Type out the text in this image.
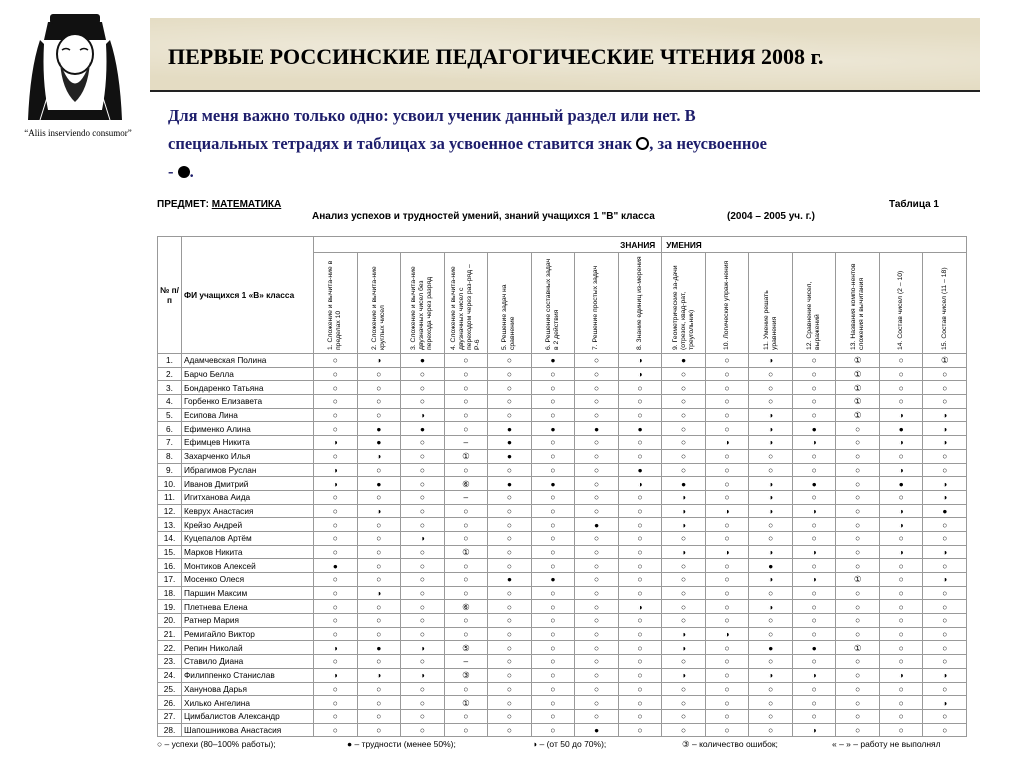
“Aliis inserviendo consumor”
ПЕРВЫЕ РОССИНСКИЕ ПЕДАГОГИЧЕСКИЕ ЧТЕНИЯ 2008 г.
Для меня важно только одно: усвоил ученик данный раздел или нет. В
специальных тетрадях и таблицах за усвоенное ставится знак , за неусвоенное
- .
ПРЕДМЕТ: МАТЕМАТИКА	Таблица 1
Анализ успехов и трудностей умений, знаний учащихся 1 "В" класса	(2004 – 2005 уч. г.)
№ п/п	ФИ учащихся 1 «В» класса	ЗНАНИЯ								УМЕНИЯ						

		1. Сложение и вычита-ние в пределах 10	2. Сложение и вычита-ние круглых чисел	3. Сложение и вычита-ние двузначных чисел без перехода через разряд	4. Сложение и вычита-ние двузначных чисел с переходом через раз-ряд – Р-6	5. Решение задач на сравнение	6. Решение составных задач в 2 действия	7. Решение простых задач	8. Знание единиц из-мерения	9. Геометрические за-дачи (отрезок, квад-рат, треугольник)	10. Логические упраж-нения	11. Умение решать уравнения	12. Сравнение чисел, выражений	13. Названия компо-нентов сложения и вычитания	14. Состав чисел (2 – 10)	15. Состав чисел (11 – 18)

1.	Адамчевская Полина	○	◑	●	○	○	●	○	◑	●	○	◑	○	①	○	①
2.	Барчо Белла	○	○	○	○	○	○	○	◑	○	○	○	○	①	○	○
3.	Бондаренко Татьяна	○	○	○	○	○	○	○	○	○	○	○	○	①	○	○
4.	Горбенко Елизавета	○	○	○	○	○	○	○	○	○	○	○	○	①	○	○
5.	Есипова Лина	○	○	◑	○	○	○	○	○	○	○	◑	○	①	◑	◑
6.	Ефименко Алина	○	●	●	○	●	●	●	●	○	○	◑	●	○	●	◑
7.	Ефимцев Никита	◑	●	○	–	●	○	○	○	○	◑	◑	◑	○	◑	◑
8.	Захарченко Илья	○	◑	○	①	●	○	○	○	○	○	○	○	○	○	○
9.	Ибрагимов Руслан	◑	○	○	○	○	○	○	●	○	○	○	○	○	◑	○
10.	Иванов Дмитрий	◑	●	○	⑥	●	●	○	◑	●	○	◑	●	○	●	◑
11.	Игитханова Аида	○	○	○	–	○	○	○	○	◑	○	◑	○	○	○	◑
12.	Кеврух Анастасия	○	◑	○	○	○	○	○	○	◑	◑	◑	◑	○	◑	●
13.	Крейзо Андрей	○	○	○	○	○	○	●	○	◑	○	○	○	○	◑	○
14.	Куцепалов Артём	○	○	◑	○	○	○	○	○	○	○	○	○	○	○	○
15.	Марков Никита	○	○	○	①	○	○	○	○	◑	◑	◑	◑	○	◑	◑
16.	Монтиков Алексей	●	○	○	○	○	○	○	○	○	○	●	○	○	○	○
17.	Мосенко Олеся	○	○	○	○	●	●	○	○	○	○	◑	◑	①	○	◑
18.	Паршин Максим	○	◑	○	○	○	○	○	○	○	○	○	○	○	○	○
19.	Плетнева Елена	○	○	○	⑥	○	○	○	◑	○	○	◑	○	○	○	○
20.	Ратнер Мария	○	○	○	○	○	○	○	○	○	○	○	○	○	○	○
21.	Ремигайло Виктор	○	○	○	○	○	○	○	○	◑	◑	○	○	○	○	○
22.	Репин Николай	◑	●	◑	⑤	○	○	○	○	◑	○	●	●	①	○	○
23.	Ставило Диана	○	○	○	–	○	○	○	○	○	○	○	○	○	○	○
24.	Филиппенко Станислав	◑	◑	◑	③	○	○	○	○	◑	○	◑	◑	○	◑	◑
25.	Ханунова Дарья	○	○	○	○	○	○	○	○	○	○	○	○	○	○	○
26.	Хилько Ангелина	○	○	○	①	○	○	○	○	○	○	○	○	○	○	◑
27.	Цимбалистов Александр	○	○	○	○	○	○	○	○	○	○	○	○	○	○	○
28.	Шапошникова Анастасия	○	○	○	○	○	○	●	○	○	○	○	◑	○	○	○
○ – успехи (80–100% работы);	● – трудности (менее 50%);	◑ – (от 50 до 70%);	③ – количество ошибок;	« – » – работу не выполнял
